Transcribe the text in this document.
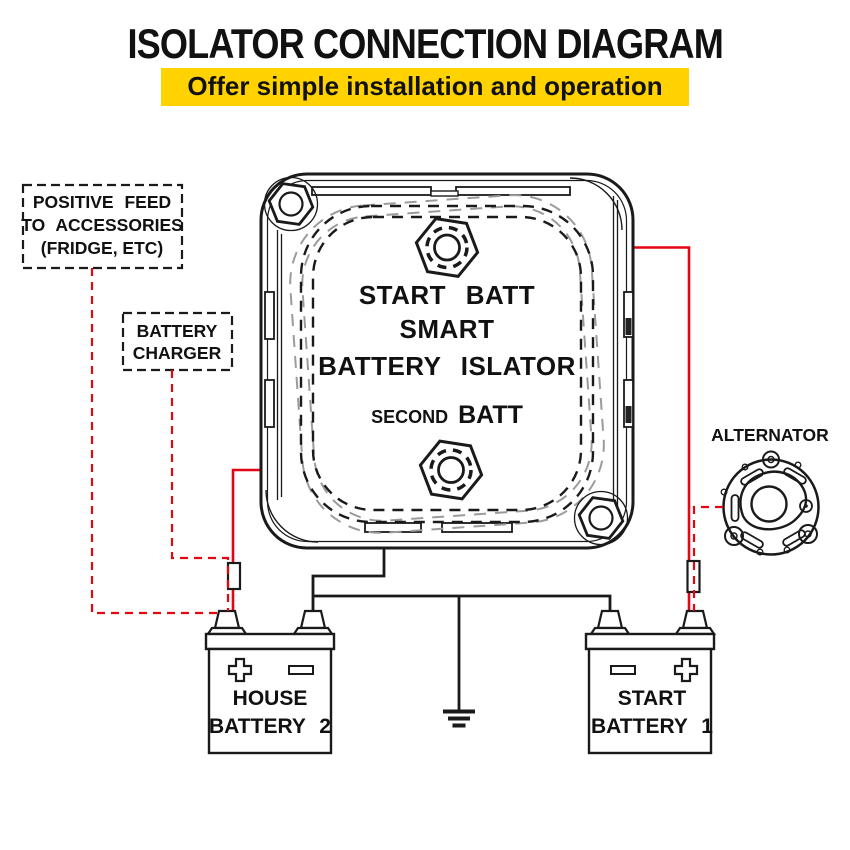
ISOLATOR CONNECTION DIAGRAM
Offer simple installation and operation
START BATT
SMART
BATTERY ISLATOR
SECOND BATT
POSITIVE FEED
TO ACCESSORIES
(FRIDGE, ETC)
BATTERY
CHARGER
ALTERNATOR
HOUSE
BATTERY 2
START
BATTERY 1
